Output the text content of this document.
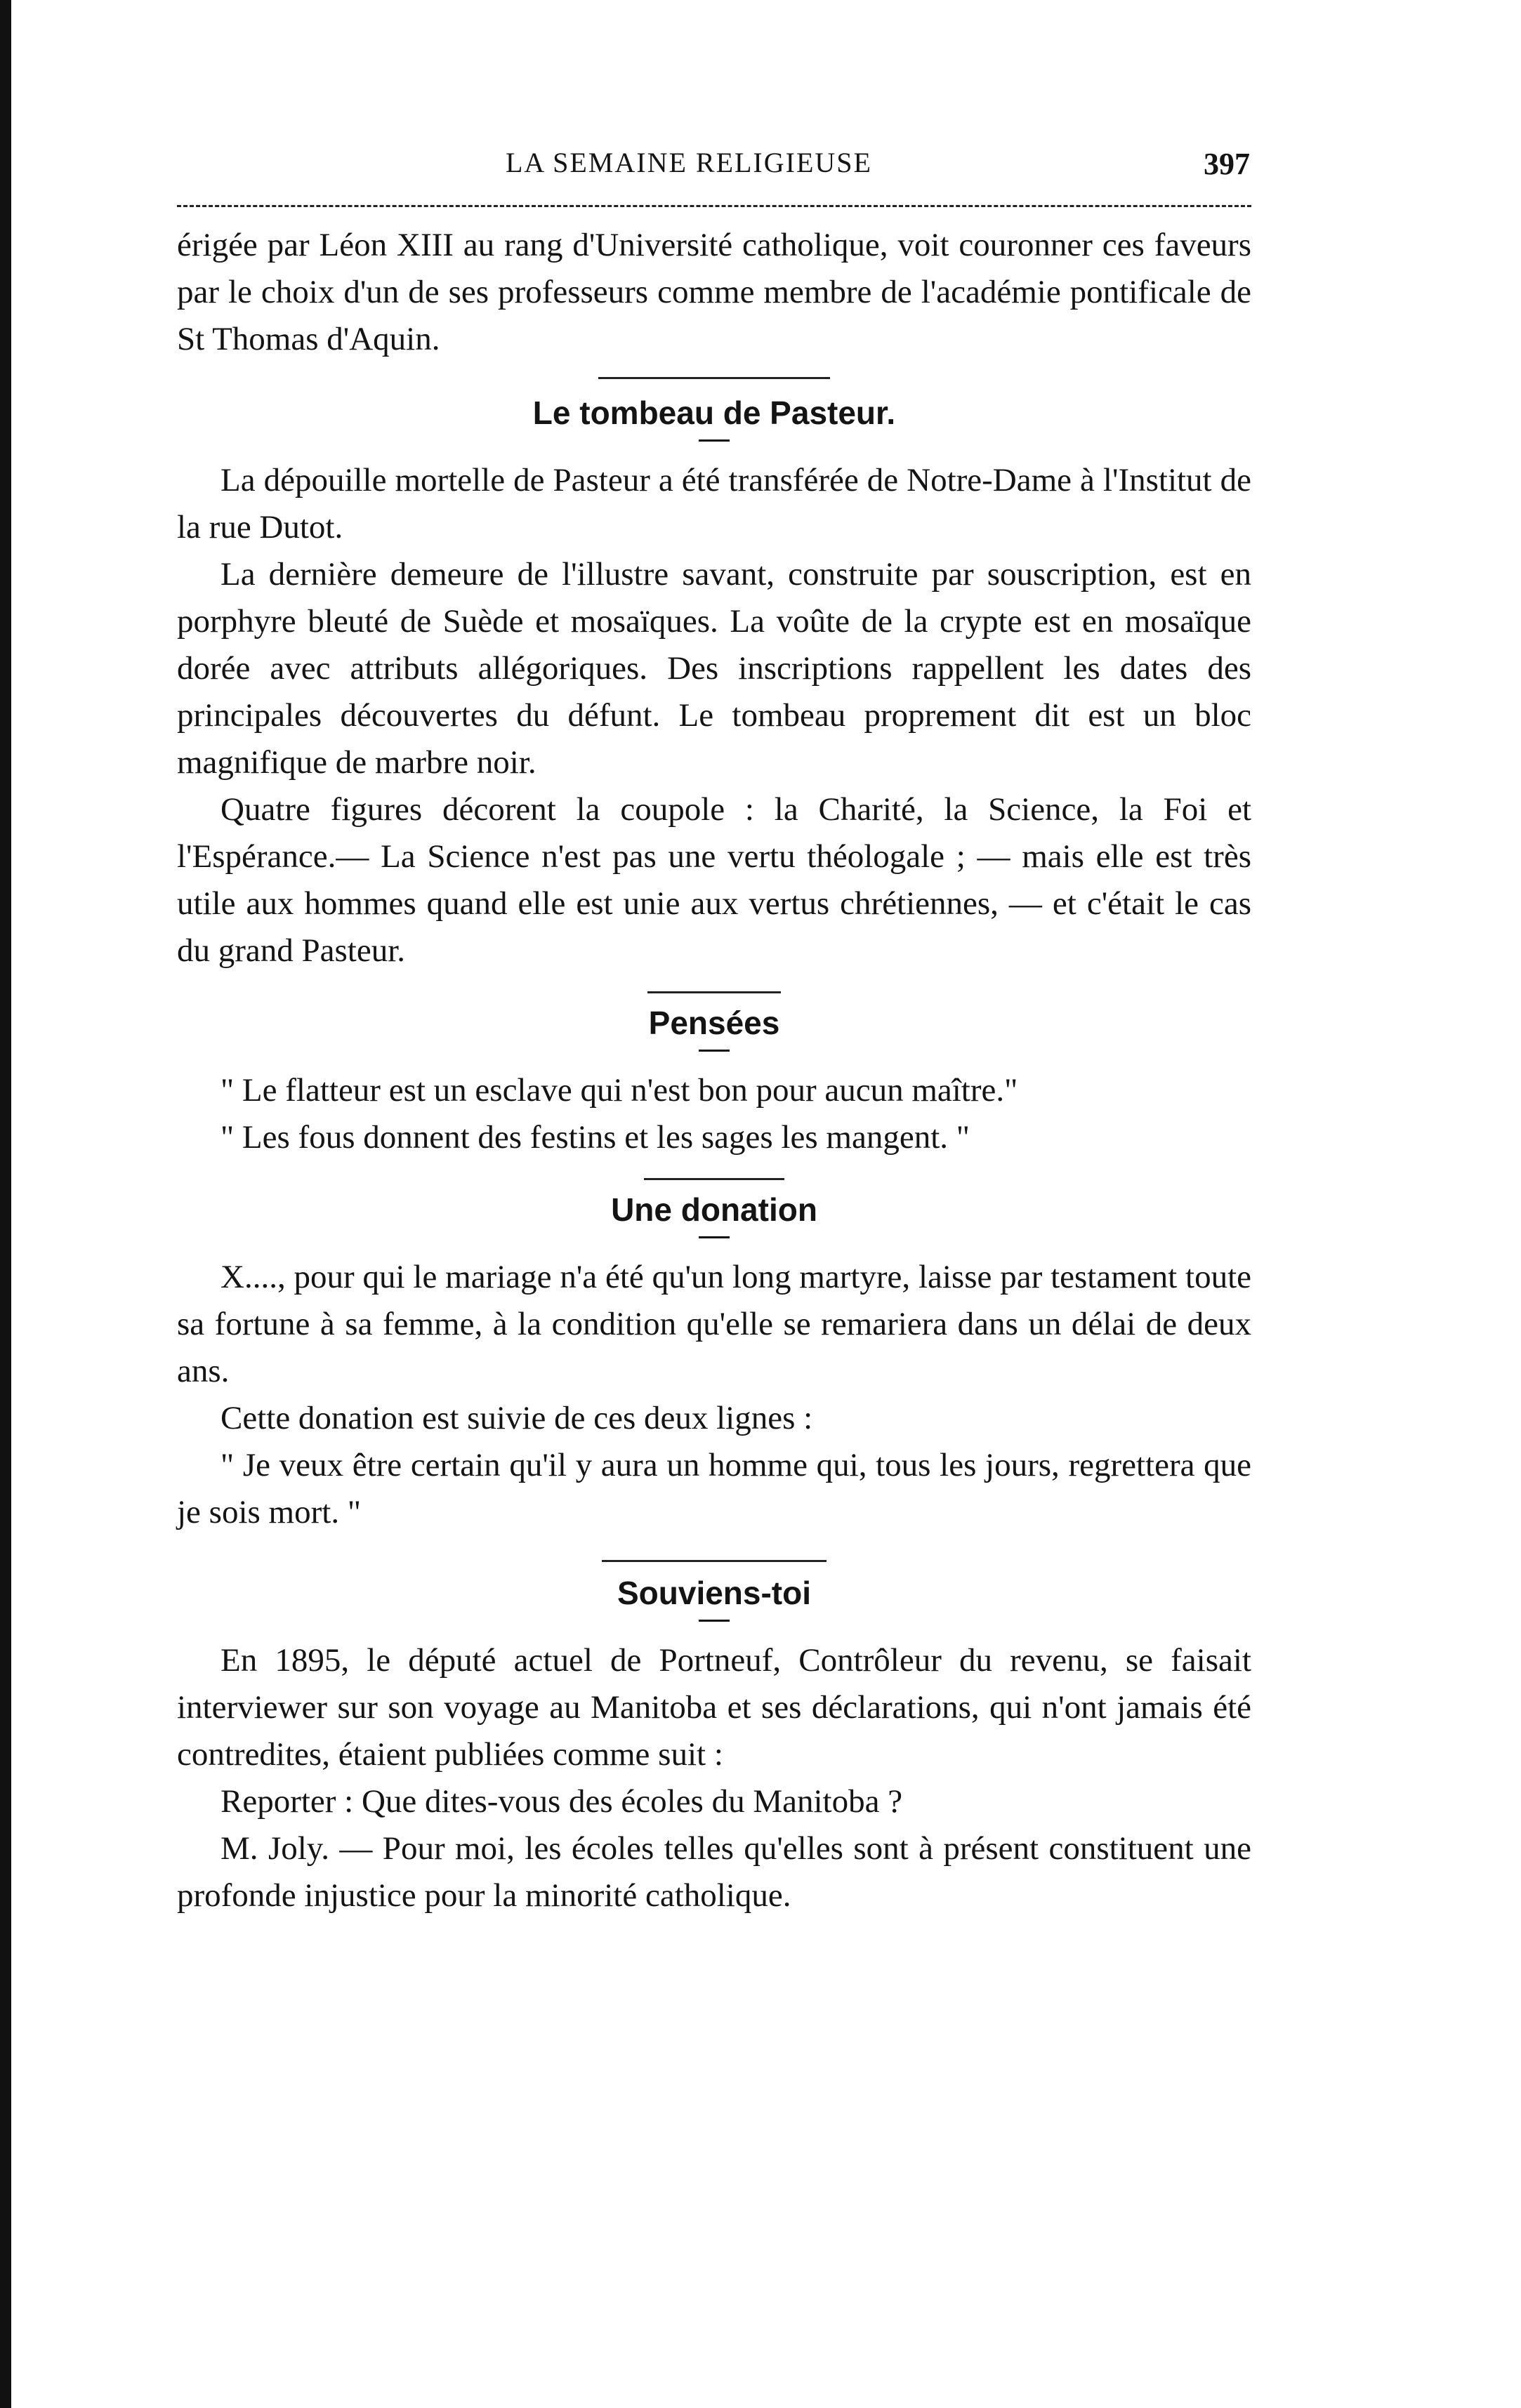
LA SEMAINE RELIGIEUSE	397

érigée par Léon XIII au rang d'Université catholique, voit couronner ces faveurs par le choix d'un de ses professeurs comme membre de l'académie pontificale de St Thomas d'Aquin.

Le tombeau de Pasteur.

La dépouille mortelle de Pasteur a été transférée de Notre-Dame à l'Institut de la rue Dutot.

La dernière demeure de l'illustre savant, construite par souscription, est en porphyre bleuté de Suède et mosaïques. La voûte de la crypte est en mosaïque dorée avec attributs allégoriques. Des inscriptions rappellent les dates des principales découvertes du défunt. Le tombeau proprement dit est un bloc magnifique de marbre noir.

Quatre figures décorent la coupole : la Charité, la Science, la Foi et l'Espérance.— La Science n'est pas une vertu théologale ; — mais elle est très utile aux hommes quand elle est unie aux vertus chrétiennes, — et c'était le cas du grand Pasteur.

Pensées

" Le flatteur est un esclave qui n'est bon pour aucun maître."

" Les fous donnent des festins et les sages les mangent. "

Une donation

X...., pour qui le mariage n'a été qu'un long martyre, laisse par testament toute sa fortune à sa femme, à la condition qu'elle se remariera dans un délai de deux ans.

Cette donation est suivie de ces deux lignes :

" Je veux être certain qu'il y aura un homme qui, tous les jours, regrettera que je sois mort. "

Souviens-toi

En 1895, le député actuel de Portneuf, Contrôleur du revenu, se faisait interviewer sur son voyage au Manitoba et ses déclarations, qui n'ont jamais été contredites, étaient publiées comme suit :

Reporter : Que dites-vous des écoles du Manitoba ?

M. Joly. — Pour moi, les écoles telles qu'elles sont à présent constituent une profonde injustice pour la minorité catholique.
